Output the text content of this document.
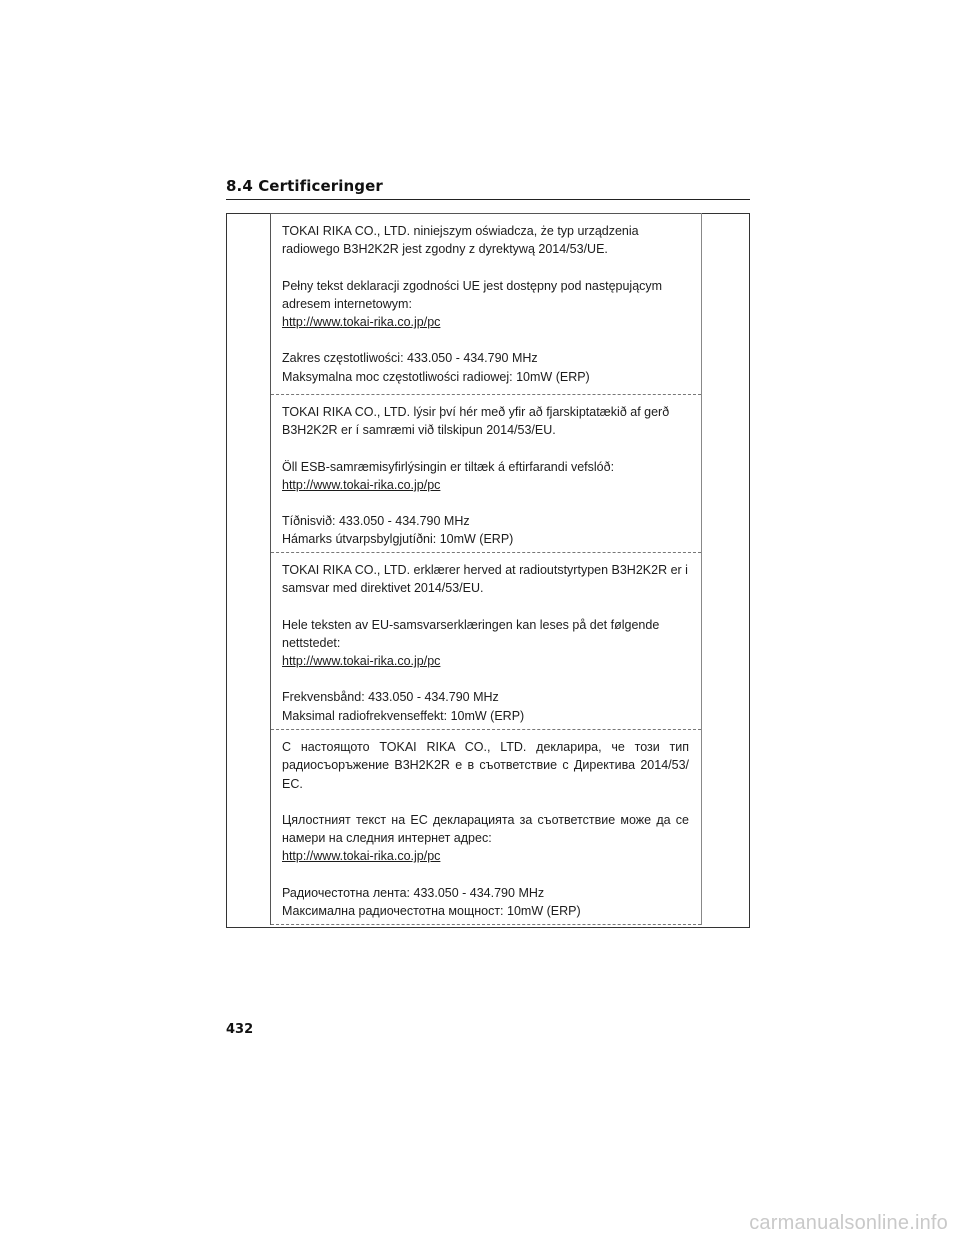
8.4 Certificeringer

TOKAI RIKA CO., LTD. niniejszym oświadcza, że typ urządzenia radiowego B3H2K2R jest zgodny z dyrektywą 2014/53/UE.

Pełny tekst deklaracji zgodności UE jest dostępny pod następującym adresem internetowym:
http://www.tokai-rika.co.jp/pc

Zakres częstotliwości: 433.050 - 434.790 MHz
Maksymalna moc częstotliwości radiowej: 10mW (ERP)

TOKAI RIKA CO., LTD. lýsir því hér með yfir að fjarskiptatækið af gerð B3H2K2R er í samræmi við tilskipun 2014/53/EU.

Öll ESB-samræmisyfirlýsingin er tiltæk á eftirfarandi vefslóð:
http://www.tokai-rika.co.jp/pc

Tíðnisvið: 433.050 - 434.790 MHz
Hámarks útvarpsbylgjutíðni: 10mW (ERP)

TOKAI RIKA CO., LTD. erklærer herved at radioutstyrtypen B3H2K2R er i samsvar med direktivet 2014/53/EU.

Hele teksten av EU-samsvarserklæringen kan leses på det følgende nettstedet:
http://www.tokai-rika.co.jp/pc

Frekvensbånd: 433.050 - 434.790 MHz
Maksimal radiofrekvenseffekt: 10mW (ERP)

С настоящото TOKAI RIKA CO., LTD. декларира, че този тип радиосъоръжение B3H2K2R е в съответствие с Директива 2014/53/ЕС.

Цялостният текст на ЕС декларацията за съответствие може да се намери на следния интернет адрес:
http://www.tokai-rika.co.jp/pc

Радиочестотна лента: 433.050 - 434.790 MHz
Максимална радиочестотна мощност: 10mW (ERP)

432
carmanualsonline.info
